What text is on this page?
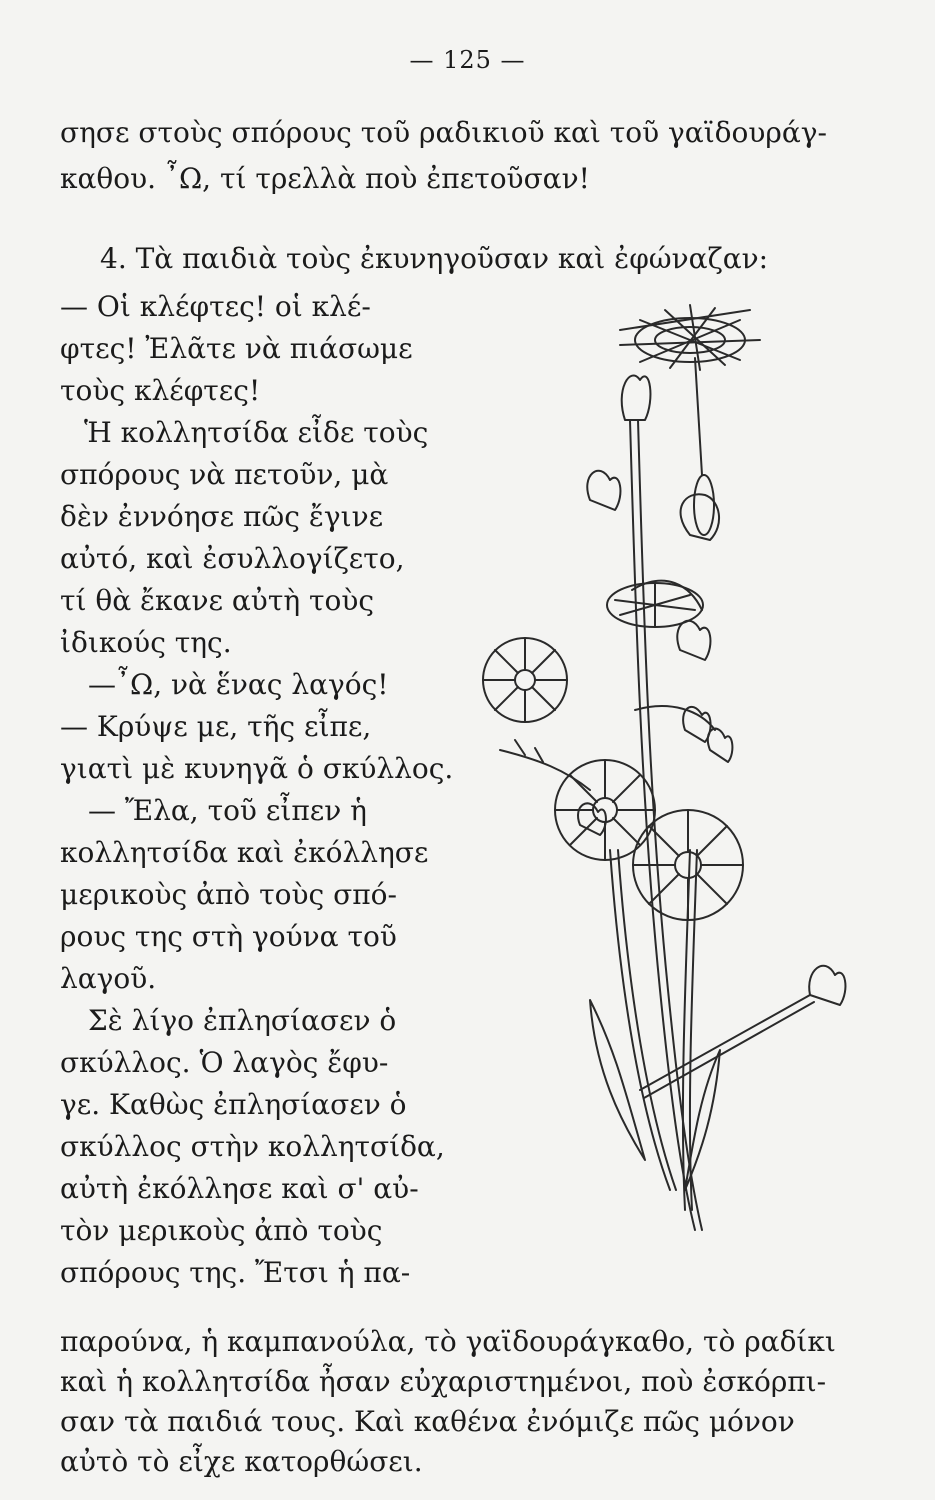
— 125 —
σησε στοὺς σπόρους τοῦ ραδικιοῦ καὶ τοῦ γαϊδουράγ-
καθου. ῏Ω, τί τρελλὰ ποὺ ἐπετοῦσαν!
4. Τὰ παιδιὰ τοὺς ἐκυνηγοῦσαν καὶ ἐφώναζαν:
— Οἱ κλέφτες! οἱ κλέ-
φτες! Ἐλᾶτε νὰ πιάσωμε
τοὺς κλέφτες!
Ἡ κολλητσίδα εἶδε τοὺς
σπόρους νὰ πετοῦν, μὰ
δὲν ἐννόησε πῶς ἔγινε
αὐτό, καὶ ἐσυλλογίζετο,
τί θὰ ἔκανε αὐτὴ τοὺς
ἰδικούς της.
—῏Ω, νὰ ἕνας λαγός!
— Κρύψε με, τῆς εἶπε,
γιατὶ μὲ κυνηγᾶ ὁ σκύλλος.
— Ἔλα, τοῦ εἶπεν ἡ
κολλητσίδα καὶ ἐκόλλησε
μερικοὺς ἀπὸ τοὺς σπό-
ρους της στὴ γούνα τοῦ
λαγοῦ.
Σὲ λίγο ἐπλησίασεν ὁ
σκύλλος. Ὁ λαγὸς ἔφυ-
γε. Καθὼς ἐπλησίασεν ὁ
σκύλλος στὴν κολλητσίδα,
αὐτὴ ἐκόλλησε καὶ σ' αὐ-
τὸν μερικοὺς ἀπὸ τοὺς
σπόρους της. Ἔτσι ἡ πα-
παρούνα, ἡ καμπανούλα, τὸ γαϊδουράγκαθο, τὸ ραδίκι
καὶ ἡ κολλητσίδα ἦσαν εὐχαριστημένοι, ποὺ ἐσκόρπι-
σαν τὰ παιδιά τους. Καὶ καθένα ἐνόμιζε πῶς μόνον
αὐτὸ τὸ εἶχε κατορθώσει.
